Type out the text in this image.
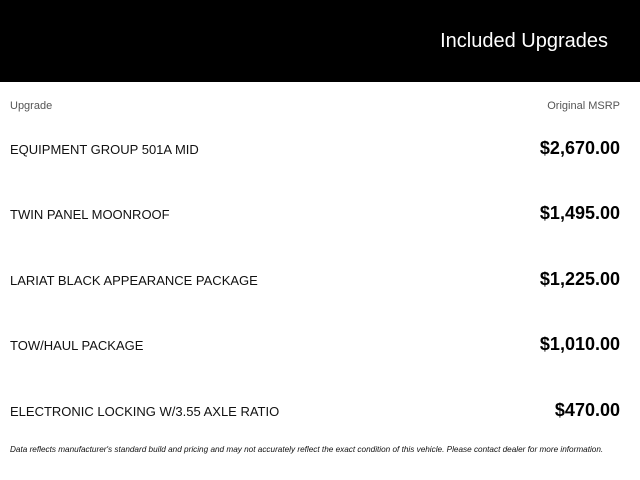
Included Upgrades
Upgrade	Original MSRP
EQUIPMENT GROUP 501A MID	$2,670.00
TWIN PANEL MOONROOF	$1,495.00
LARIAT BLACK APPEARANCE PACKAGE	$1,225.00
TOW/HAUL PACKAGE	$1,010.00
ELECTRONIC LOCKING W/3.55 AXLE RATIO	$470.00
Data reflects manufacturer's standard build and pricing and may not accurately reflect the exact condition of this vehicle. Please contact dealer for more information.
